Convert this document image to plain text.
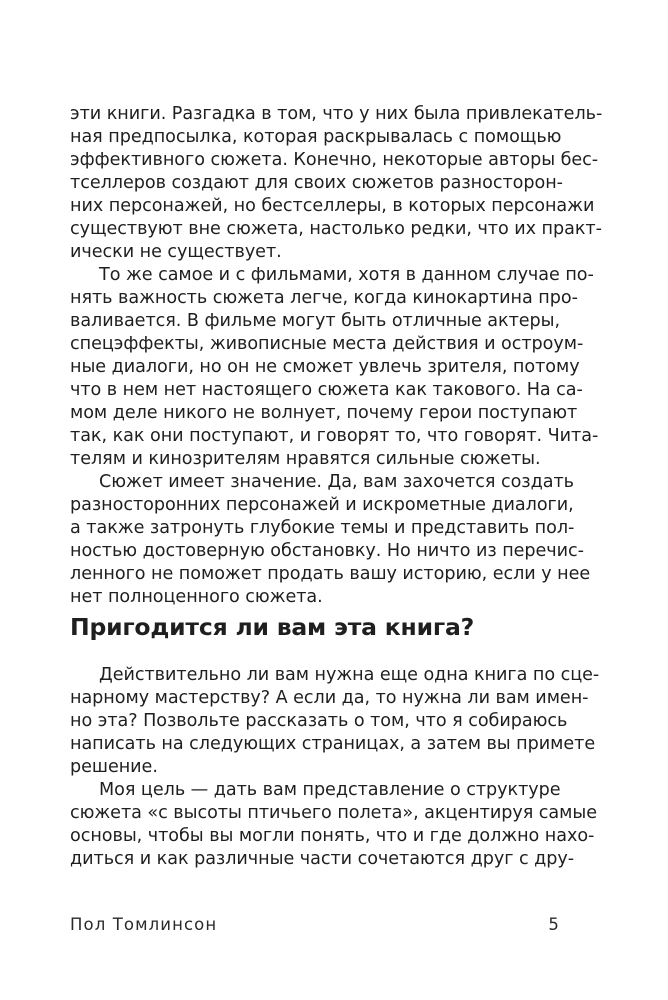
эти книги. Разгадка в том, что у них была привлекатель-
ная предпосылка, которая раскрывалась с помощью
эффективного сюжета. Конечно, некоторые авторы бес-
тселлеров создают для своих сюжетов разносторон-
них персонажей, но бестселлеры, в которых персонажи
существуют вне сюжета, настолько редки, что их практ-
ически не существует.
То же самое и с фильмами, хотя в данном случае по-
нять важность сюжета легче, когда кинокартина про-
валивается. В фильме могут быть отличные актеры,
спецэффекты, живописные места действия и остроум-
ные диалоги, но он не сможет увлечь зрителя, потому
что в нем нет настоящего сюжета как такового. На са-
мом деле никого не волнует, почему герои поступают
так, как они поступают, и говорят то, что говорят. Чита-
телям и кинозрителям нравятся сильные сюжеты.
Сюжет имеет значение. Да, вам захочется создать
разносторонних персонажей и искрометные диалоги,
а также затронуть глубокие темы и представить пол-
ностью достоверную обстановку. Но ничто из перечис-
ленного не поможет продать вашу историю, если у нее
нет полноценного сюжета.
Пригодится ли вам эта книга?
Действительно ли вам нужна еще одна книга по сце-
нарному мастерству? А если да, то нужна ли вам имен-
но эта? Позвольте рассказать о том, что я собираюсь
написать на следующих страницах, а затем вы примете
решение.
Моя цель — дать вам представление о структуре
сюжета «с высоты птичьего полета», акцентируя самые
основы, чтобы вы могли понять, что и где должно нахо-
диться и как различные части сочетаются друг с дру-
Пол Томлинсон	5
